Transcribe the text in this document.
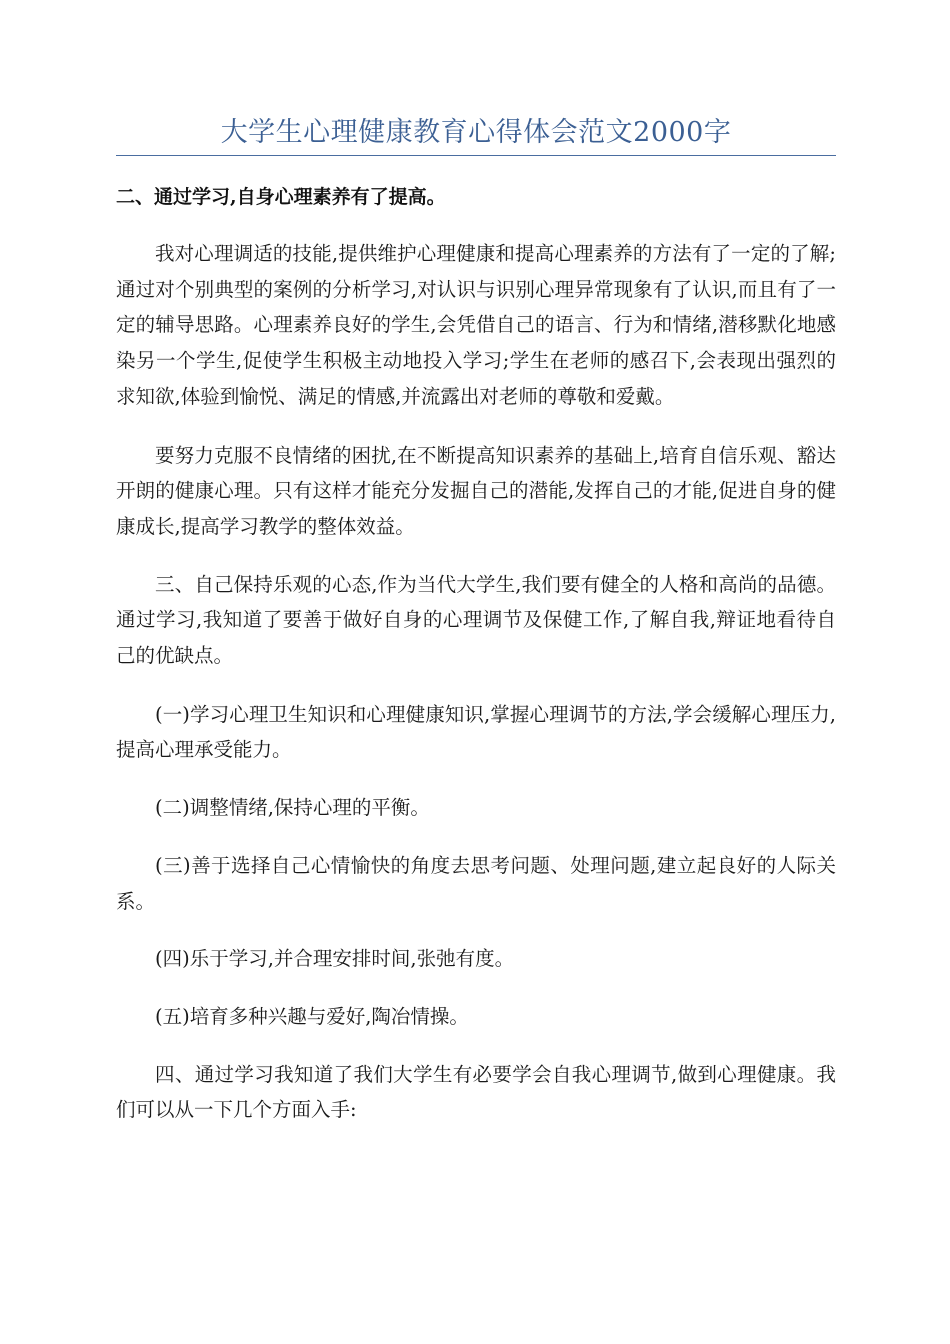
大学生心理健康教育心得体会范文2000字
二、通过学习,自身心理素养有了提高。

我对心理调适的技能,提供维护心理健康和提高心理素养的方法有了一定的了解;通过对个别典型的案例的分析学习,对认识与识别心理异常现象有了认识,而且有了一定的辅导思路。心理素养良好的学生,会凭借自己的语言、行为和情绪,潜移默化地感染另一个学生,促使学生积极主动地投入学习;学生在老师的感召下,会表现出强烈的求知欲,体验到愉悦、满足的情感,并流露出对老师的尊敬和爱戴。

要努力克服不良情绪的困扰,在不断提高知识素养的基础上,培育自信乐观、豁达开朗的健康心理。只有这样才能充分发掘自己的潜能,发挥自己的才能,促进自身的健康成长,提高学习教学的整体效益。

三、自己保持乐观的心态,作为当代大学生,我们要有健全的人格和高尚的品德。通过学习,我知道了要善于做好自身的心理调节及保健工作,了解自我,辩证地看待自己的优缺点。

(一)学习心理卫生知识和心理健康知识,掌握心理调节的方法,学会缓解心理压力,提高心理承受能力。

(二)调整情绪,保持心理的平衡。

(三)善于选择自己心情愉快的角度去思考问题、处理问题,建立起良好的人际关系。

(四)乐于学习,并合理安排时间,张弛有度。

(五)培育多种兴趣与爱好,陶冶情操。

四、通过学习我知道了我们大学生有必要学会自我心理调节,做到心理健康。我们可以从一下几个方面入手:
